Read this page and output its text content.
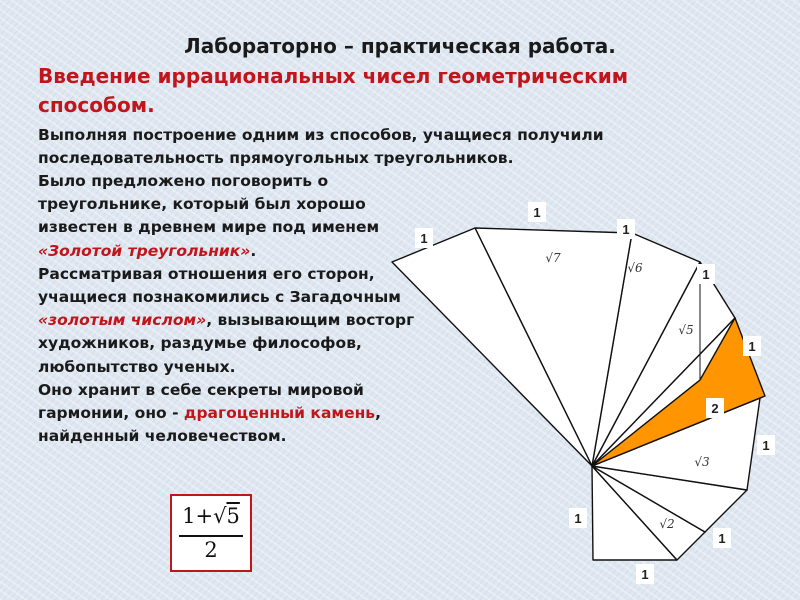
Лабораторно – практическая работа.
Введение иррациональных чисел геометрическим способом.
Выполняя построение одним из способов, учащиеся получили последовательность прямоугольных треугольников.
Было предложено поговорить о треугольнике, который был хорошо известен в древнем мире под именем «Золотой треугольник».
Рассматривая отношения его сторон, учащиеся познакомились с Загадочным «золотым числом», вызывающим восторг художников, раздумье философов, любопытство ученых.
Оно хранит в себе секреты мировой гармонии, оно - драгоценный камень, найденный человечеством.
1+√5
2
1
1
1
1
1
1
1
1
1
2
√2
√3
√5
√6
√7
